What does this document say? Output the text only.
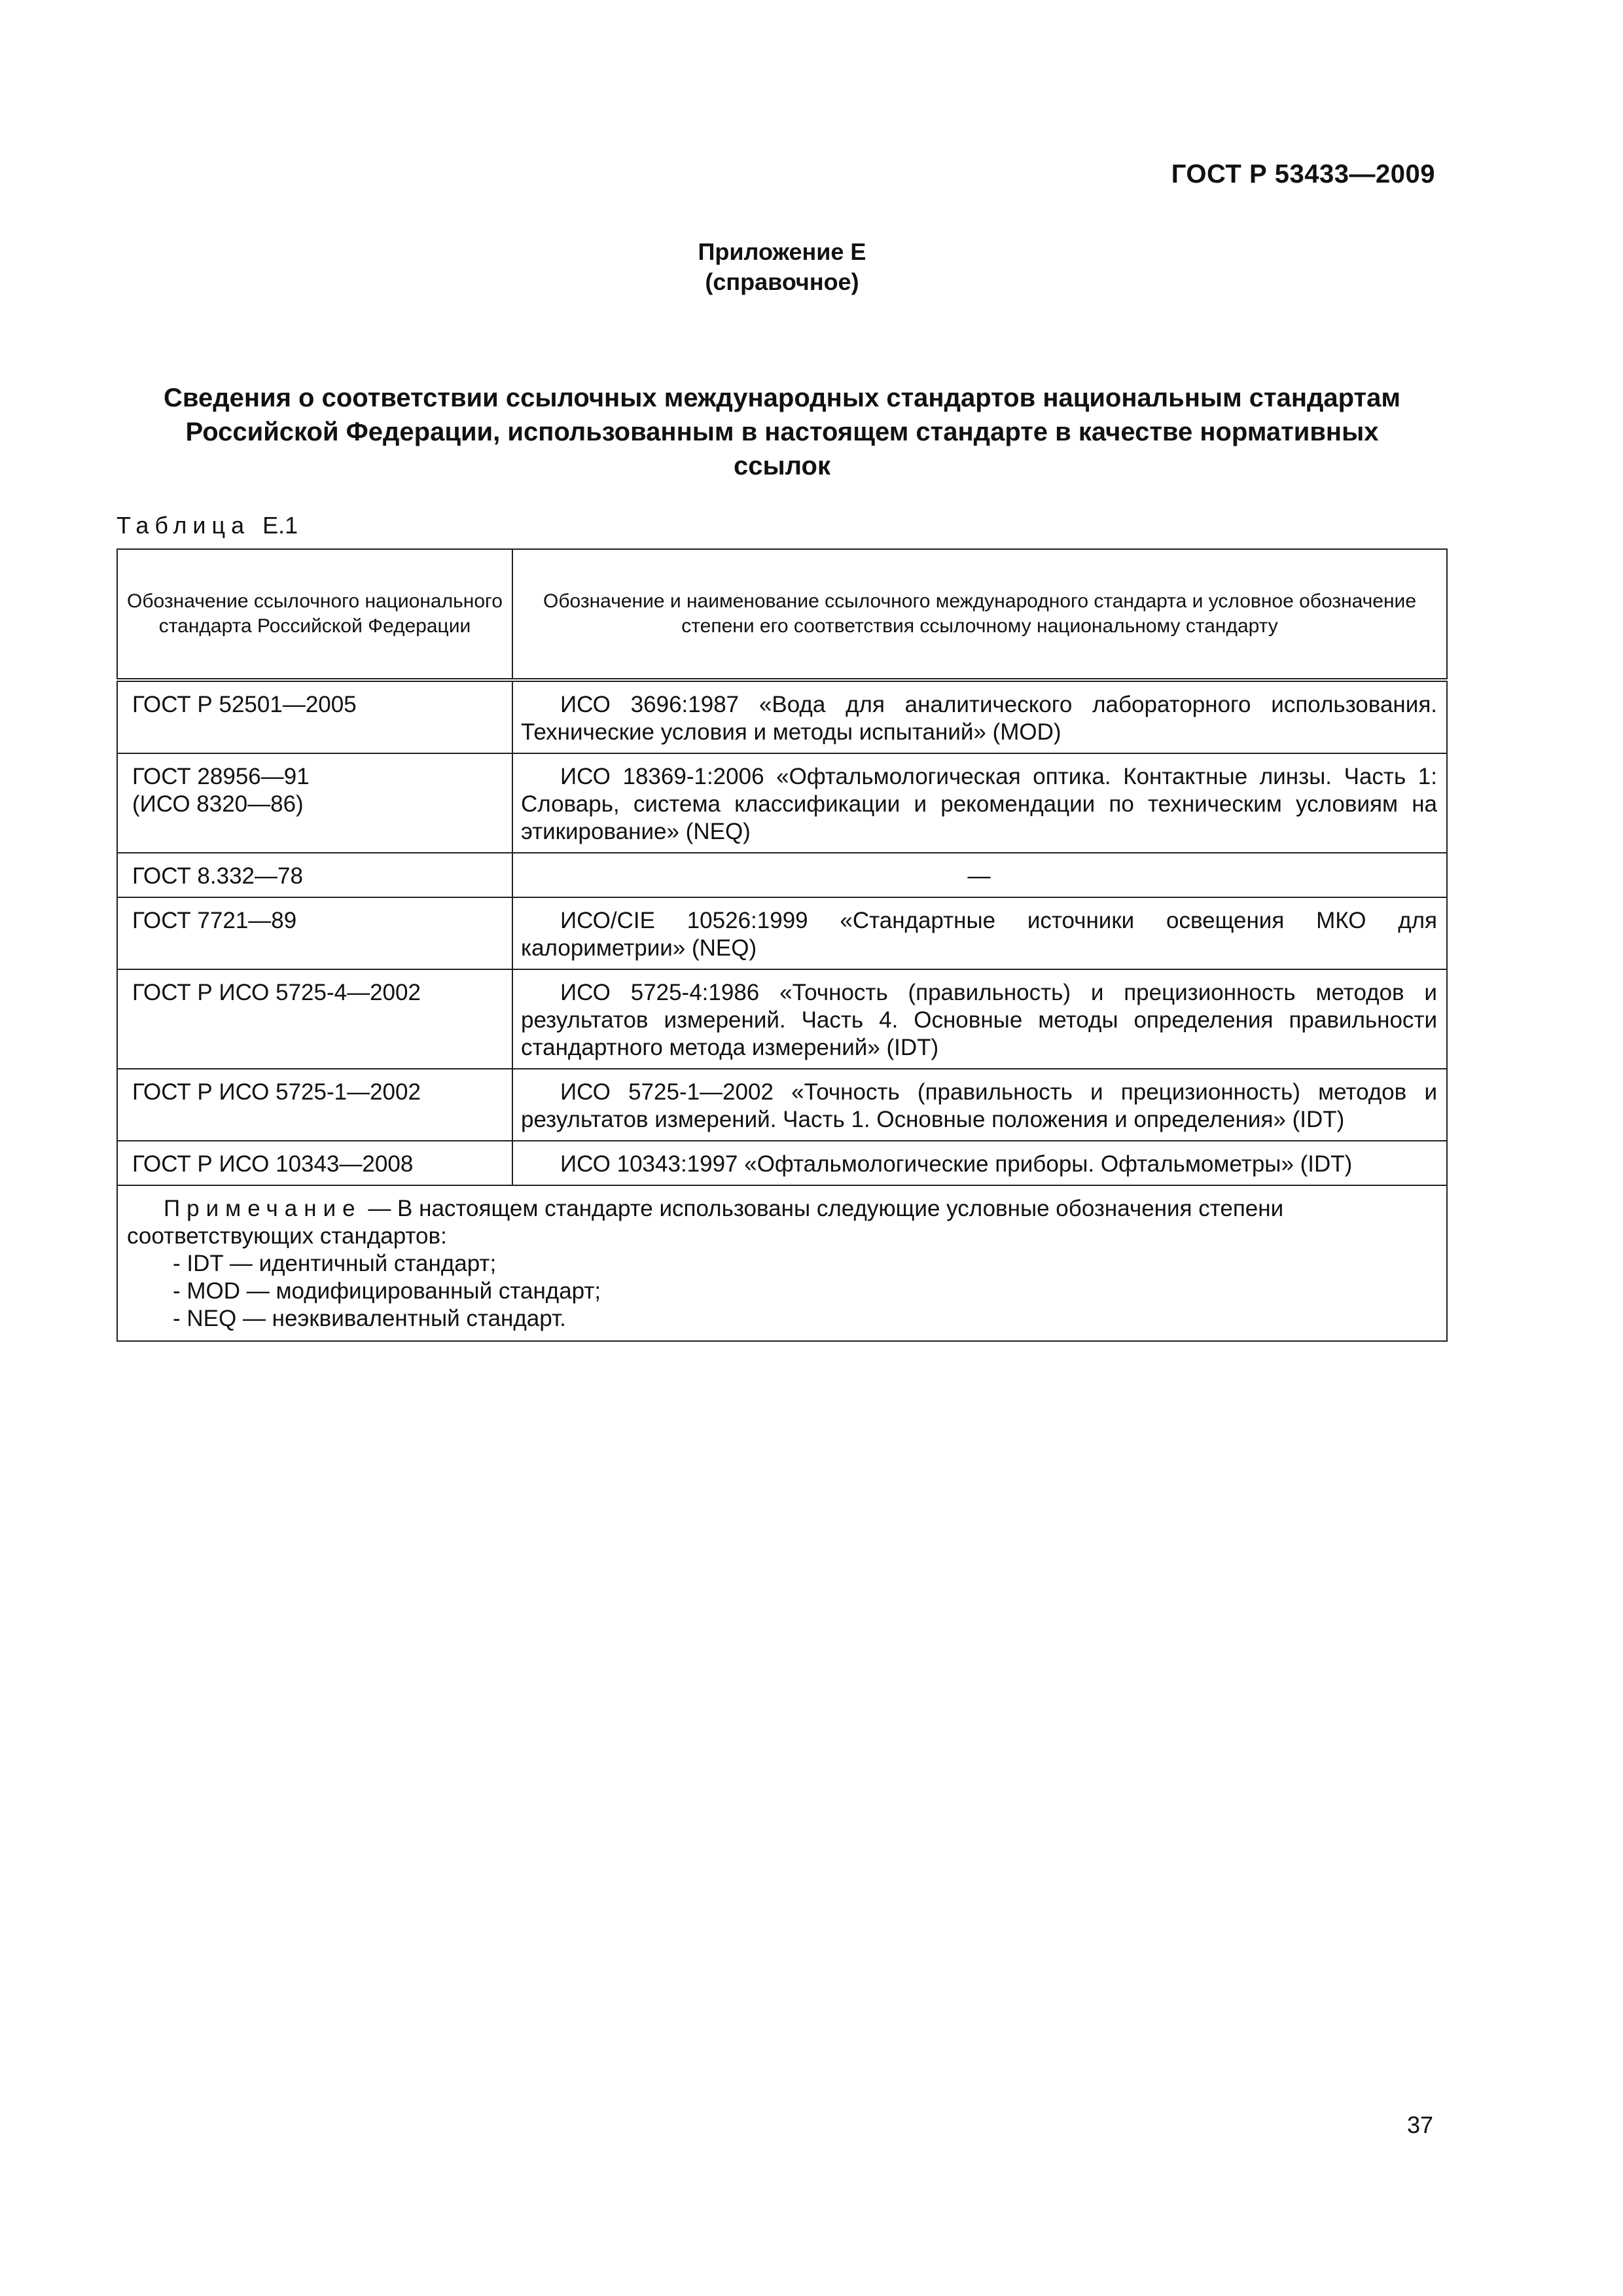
ГОСТ Р 53433—2009
Приложение Е
(справочное)
Сведения о соответствии ссылочных международных стандартов национальным стандартам
Российской Федерации, использованным в настоящем стандарте в качестве нормативных
ссылок
Таблица Е.1
Обозначение ссылочного национального стандарта Российской Федерации	Обозначение и наименование ссылочного международного стандарта и условное обозначение степени его соответствия ссылочному национальному стандарту

ГОСТ Р 52501—2005	ИСО 3696:1987 «Вода для аналитического лабораторного использования. Технические условия и методы испытаний» (MOD)

ГОСТ 28956—91
(ИСО 8320—86)	ИСО 18369-1:2006 «Офтальмологическая оптика. Контактные линзы. Часть 1: Словарь, система классификации и рекомендации по техническим условиям на этикирование» (NEQ)

ГОСТ 8.332—78	—

ГОСТ 7721—89	ИСО/CIE 10526:1999 «Стандартные источники освещения МКО для калориметрии» (NEQ)

ГОСТ Р ИСО 5725-4—2002	ИСО 5725-4:1986 «Точность (правильность) и прецизионность методов и результатов измерений. Часть 4. Основные методы определения правильности стандартного метода измерений» (IDT)

ГОСТ Р ИСО 5725-1—2002	ИСО 5725-1—2002 «Точность (правильность и прецизионность) методов и результатов измерений. Часть 1. Основные положения и определения» (IDT)

ГОСТ Р ИСО 10343—2008	ИСО 10343:1997 «Офтальмологические приборы. Офтальмометры» (IDT)

Примечание — В настоящем стандарте использованы следующие условные обозначения степени соответствующих стандартов:
- IDT — идентичный стандарт;
- MOD — модифицированный стандарт;
- NEQ — неэквивалентный стандарт.	
37
